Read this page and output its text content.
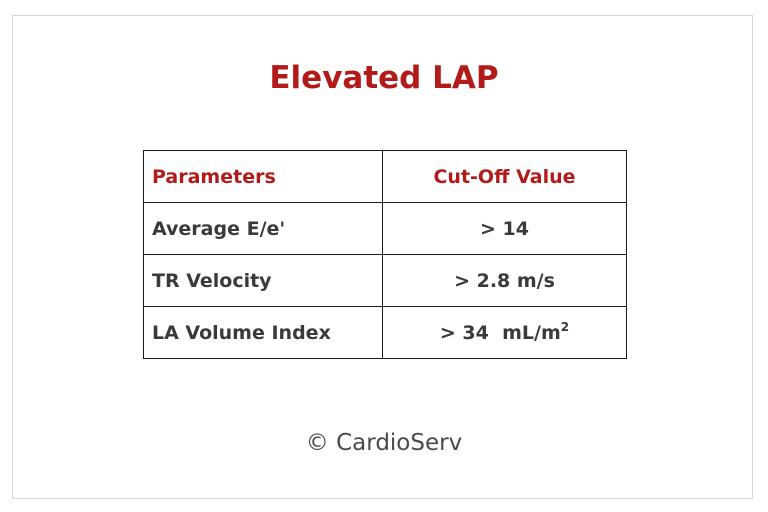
Elevated LAP
Parameters	Cut-Off Value
Average E/e'	> 14
TR Velocity	> 2.8 m/s
LA Volume Index	> 34  $mL/m^2$
© CardioServ
